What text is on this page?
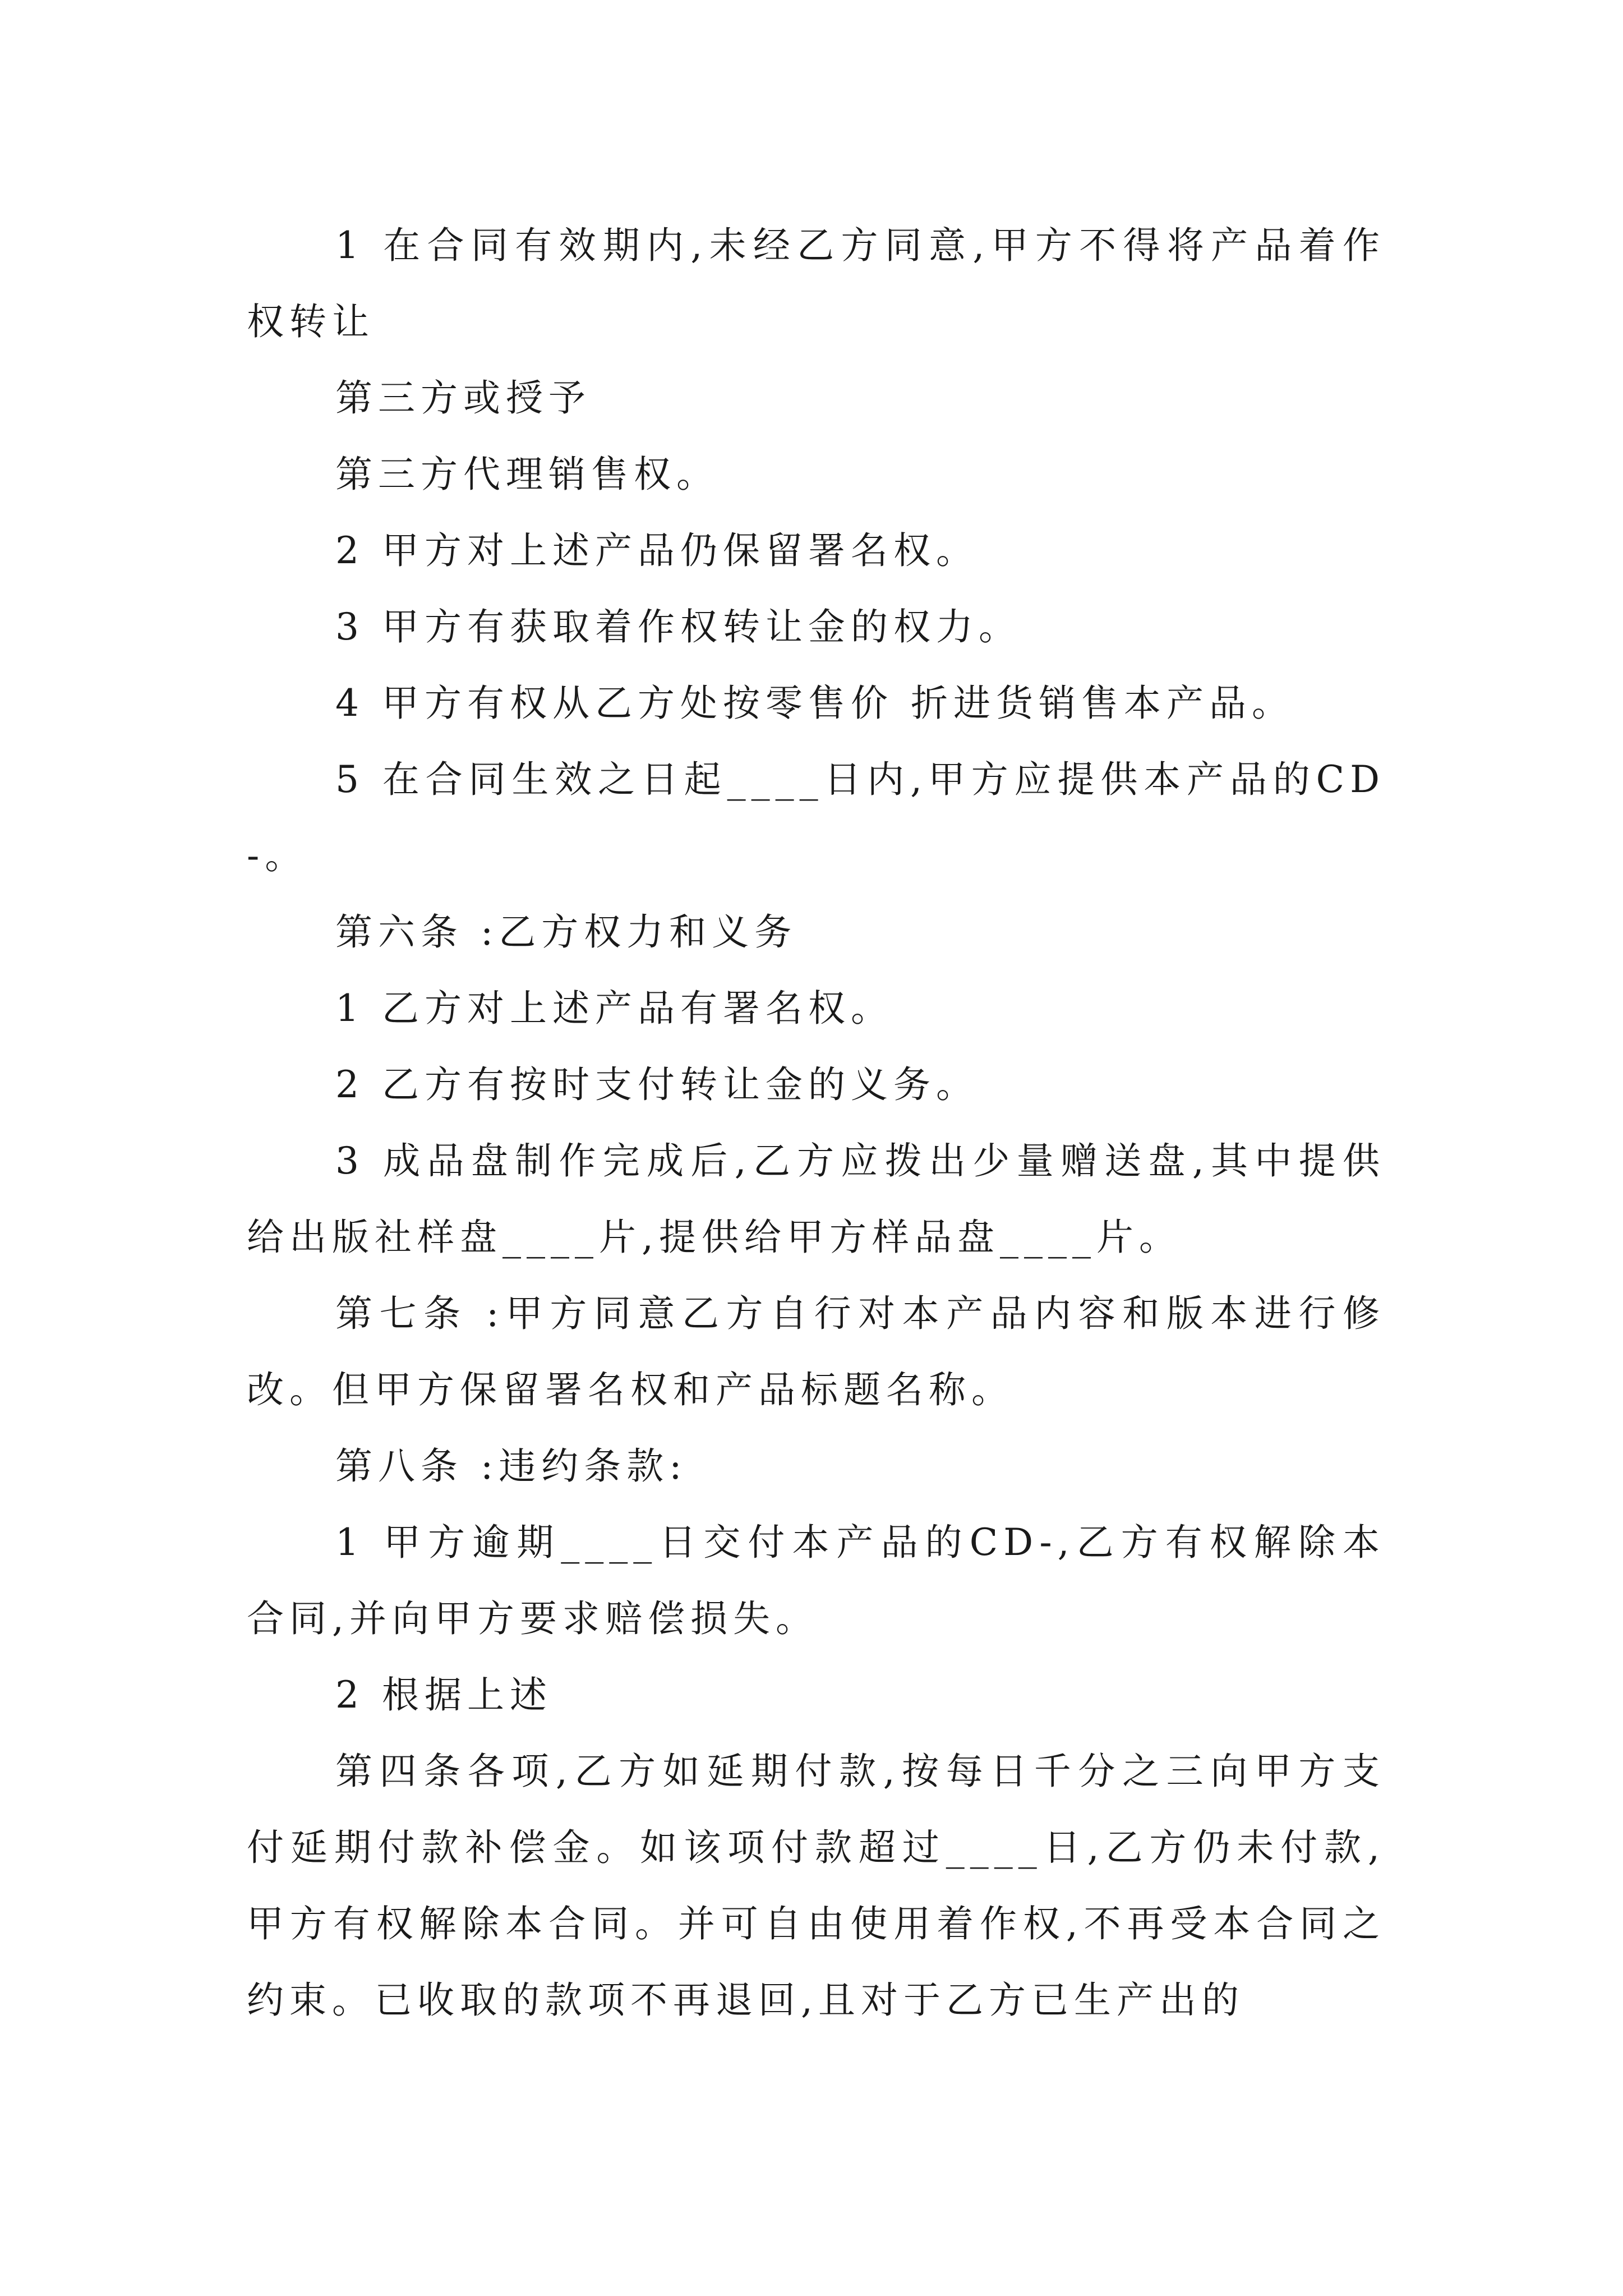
1 在合同有效期内,未经乙方同意,甲方不得将产品着作权转让

第三方或授予

第三方代理销售权。

2 甲方对上述产品仍保留署名权。

3 甲方有获取着作权转让金的权力。

4 甲方有权从乙方处按零售价 折进货销售本产品。

5 在合同生效之日起____日内,甲方应提供本产品的CD-。

第六条 :乙方权力和义务

1 乙方对上述产品有署名权。

2 乙方有按时支付转让金的义务。

3 成品盘制作完成后,乙方应拨出少量赠送盘,其中提供给出版社样盘____片,提供给甲方样品盘____片。

第七条 :甲方同意乙方自行对本产品内容和版本进行修改。但甲方保留署名权和产品标题名称。

第八条 :违约条款:

1 甲方逾期____日交付本产品的CD-,乙方有权解除本合同,并向甲方要求赔偿损失。

2 根据上述

第四条各项,乙方如延期付款,按每日千分之三向甲方支付延期付款补偿金。如该项付款超过____日,乙方仍未付款,甲方有权解除本合同。并可自由使用着作权,不再受本合同之约束。已收取的款项不再退回,且对于乙方已生产出的
